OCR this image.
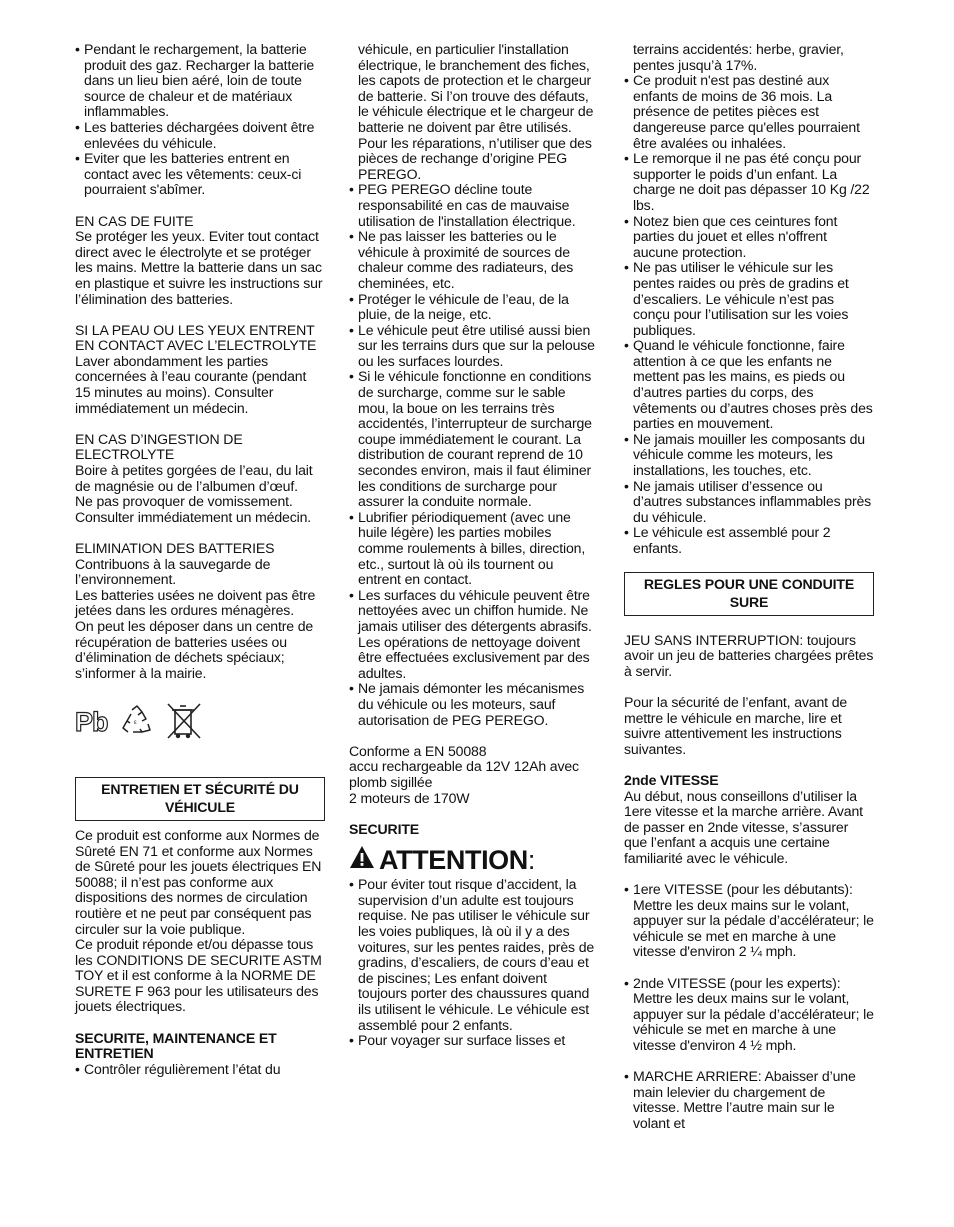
• Pendant le rechargement, la batterie produit des gaz. Recharger la batterie dans un lieu bien aéré, loin de toute source de chaleur et de matériaux inflammables.
• Les batteries déchargées doivent être enlevées du véhicule.
• Eviter que les batteries entrent en contact avec les vêtements: ceux-ci pourraient s'abîmer.

EN CAS DE FUITE

Se protéger les yeux. Eviter tout contact direct avec le électrolyte et se protéger les mains. Mettre la batterie dans un sac en plastique et suivre les instructions sur l’élimination des batteries.

SI LA PEAU OU LES YEUX ENTRENT EN CONTACT AVEC L’ELECTROLYTE

Laver abondamment les parties concernées à l’eau courante (pendant 15 minutes au moins). Consulter immédiatement un médecin.

EN CAS D’INGESTION DE ELECTROLYTE

Boire à petites gorgées de l’eau, du lait de magnésie ou de l’albumen d’œuf.

Ne pas provoquer de vomissement. Consulter immédiatement un médecin.

ELIMINATION DES BATTERIES

Contribuons à la sauvegarde de l’environnement.

Les batteries usées ne doivent pas être jetées dans les ordures ménagères.

On peut les déposer dans un centre de récupération de batteries usées ou d’élimination de déchets spéciaux; s’informer à la mairie.

Pb	ε
ENTRETIEN ET SÉCURITÉ DU VÉHICULE

Ce produit est conforme aux Normes de Sûreté EN 71 et conforme aux Normes de Sûreté pour les jouets électriques EN 50088; il n’est pas conforme aux dispositions des normes de circulation routière et ne peut par conséquent pas circuler sur la voie publique.

Ce produit réponde et/ou dépasse tous les CONDITIONS DE SECURITE ASTM TOY et il est conforme à la NORME DE SURETE F 963 pour les utilisateurs des jouets électriques.

SECURITE, MAINTENANCE ET ENTRETIEN

• Contrôler régulièrement l’état du

véhicule, en particulier l'installation électrique, le branchement des fiches, les capots de protection et le chargeur de batterie. Si l’on trouve des défauts, le véhicule électrique et le chargeur de batterie ne doivent par être utilisés. Pour les réparations, n’utiliser que des pièces de rechange d’origine PEG PEREGO.

• PEG PEREGO décline toute responsabilité en cas de mauvaise utilisation de l'installation électrique.
• Ne pas laisser les batteries ou le véhicule à proximité de sources de chaleur comme des radiateurs, des cheminées, etc.
• Protéger le véhicule de l’eau, de la pluie, de la neige, etc.
• Le véhicule peut être utilisé aussi bien sur les terrains durs que sur la pelouse ou les surfaces lourdes.
• Si le véhicule fonctionne en conditions de surcharge, comme sur le sable mou, la boue on les terrains très accidentés, l’interrupteur de surcharge coupe immédiatement le courant. La distribution de courant reprend de 10 secondes environ, mais il faut éliminer les conditions de surcharge pour assurer la conduite normale.
• Lubrifier périodiquement (avec une huile légère) les parties mobiles comme roulements à billes, direction, etc., surtout là où ils tournent ou entrent en contact.
• Les surfaces du véhicule peuvent être nettoyées avec un chiffon humide. Ne jamais utiliser des détergents abrasifs. Les opérations de nettoyage doivent être effectuées exclusivement par des adultes.
• Ne jamais démonter les mécanismes du véhicule ou les moteurs, sauf autorisation de PEG PEREGO.

Conforme a EN 50088

accu rechargeable da 12V 12Ah avec plomb sigillée

2 moteurs de 170W

SECURITE

ATTENTION :
• Pour éviter tout risque d’accident, la supervision d’un adulte est toujours requise. Ne pas utiliser le véhicule sur les voies publiques, là où il y a des voitures, sur les pentes raides, près de gradins, d’escaliers, de cours d’eau et de piscines; Les enfant doivent toujours porter des chaussures quand ils utilisent le véhicule. Le véhicule est assemblé pour 2 enfants.
• Pour voyager sur surface lisses et

terrains accidentés: herbe, gravier, pentes jusqu’à 17%.

• Ce produit n'est pas destiné aux enfants de moins de 36 mois. La présence de petites pièces est dangereuse parce qu'elles pourraient être avalées ou inhalées.
• Le remorque il ne pas été conçu pour supporter le poids d’un enfant. La charge ne doit pas dépasser 10 Kg /22 lbs.
• Notez bien que ces ceintures font parties du jouet et elles n'offrent aucune protection.
• Ne pas utiliser le véhicule sur les pentes raides ou près de gradins et d’escaliers. Le véhicule n’est pas conçu pour l’utilisation sur les voies publiques.
• Quand le véhicule fonctionne, faire attention à ce que les enfants ne mettent pas les mains, es pieds ou d’autres parties du corps, des vêtements ou d’autres choses près des parties en mouvement.
• Ne jamais mouiller les composants du véhicule comme les moteurs, les installations, les touches, etc.
• Ne jamais utiliser d’essence ou d’autres substances inflammables près du véhicule.
• Le véhicule est assemblé pour 2 enfants.
REGLES POUR UNE CONDUITE SURE

JEU SANS INTERRUPTION: toujours avoir un jeu de batteries chargées prêtes à servir.

Pour la sécurité de l’enfant, avant de mettre le véhicule en marche, lire et suivre attentivement les instructions suivantes.

2nde VITESSE

Au début, nous conseillons d’utiliser la 1ere vitesse et la marche arrière. Avant de passer en 2nde vitesse, s’assurer que l’enfant a acquis une certaine familiarité avec le véhicule.

• 1ere VITESSE (pour les débutants): Mettre les deux mains sur le volant, appuyer sur la pédale d’accélérateur; le véhicule se met en marche à une vitesse d'environ 2 ¼ mph.
• 2nde VITESSE (pour les experts): Mettre les deux mains sur le volant, appuyer sur la pédale d’accélérateur; le véhicule se met en marche à une vitesse d'environ 4 ½ mph.
• MARCHE ARRIERE: Abaisser d’une main lelevier du chargement de vitesse. Mettre l’autre main sur le volant et
